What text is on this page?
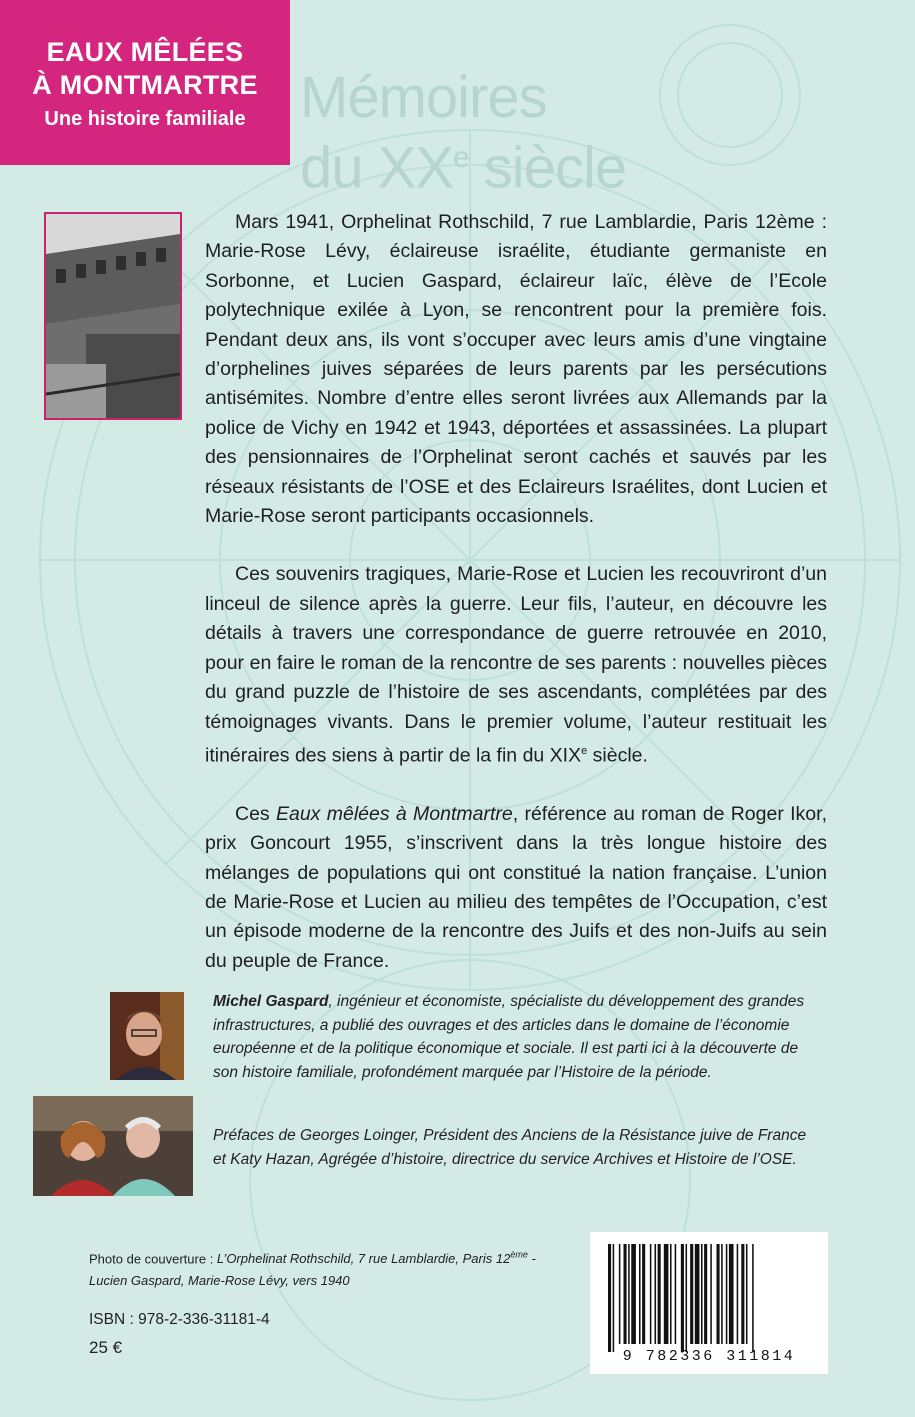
EAUX MÊLÉES
À MONTMARTRE
Une histoire familiale Mémoires
du XXe siècle

Mars 1941, Orphelinat Rothschild, 7 rue Lamblardie, Paris 12ème : Marie-Rose Lévy, éclaireuse israélite, étudiante germaniste en Sorbonne, et Lucien Gaspard, éclaireur laïc, élève de l’Ecole polytechnique exilée à Lyon, se rencontrent pour la première fois. Pendant deux ans, ils vont s’occuper avec leurs amis d’une vingtaine d’orphelines juives séparées de leurs parents par les persécutions antisémites. Nombre d’entre elles seront livrées aux Allemands par la police de Vichy en 1942 et 1943, déportées et assassinées. La plupart des pensionnaires de l’Orphelinat seront cachés et sauvés par les réseaux résistants de l’OSE et des Eclaireurs Israélites, dont Lucien et Marie-Rose seront participants occasionnels.

Ces souvenirs tragiques, Marie-Rose et Lucien les recouvriront d’un linceul de silence après la guerre. Leur fils, l’auteur, en découvre les détails à travers une correspondance de guerre retrouvée en 2010, pour en faire le roman de la rencontre de ses parents : nouvelles pièces du grand puzzle de l’histoire de ses ascendants, complétées par des témoignages vivants. Dans le premier volume, l’auteur restituait les itinéraires des siens à partir de la fin du XIXe siècle.

Ces Eaux mêlées à Montmartre, référence au roman de Roger Ikor, prix Goncourt 1955, s’inscrivent dans la très longue histoire des mélanges de populations qui ont constitué la nation française. L’union de Marie-Rose et Lucien au milieu des tempêtes de l’Occupation, c’est un épisode moderne de la rencontre des Juifs et des non-Juifs au sein du peuple de France.

Michel Gaspard, ingénieur et économiste, spécialiste du développement des grandes infrastructures, a publié des ouvrages et des articles dans le domaine de l’économie européenne et de la politique économique et sociale. Il est parti ici à la découverte de son histoire familiale, profondément marquée par l’Histoire de la période.
Préfaces de Georges Loinger, Président des Anciens de la Résistance juive de France
et Katy Hazan, Agrégée d’histoire, directrice du service Archives et Histoire de l’OSE.
Photo de couverture : L’Orphelinat Rothschild, 7 rue Lamblardie, Paris 12ème -
Lucien Gaspard, Marie-Rose Lévy, vers 1940
ISBN : 978-2-336-31181-4
25 €	9 782336 311814
